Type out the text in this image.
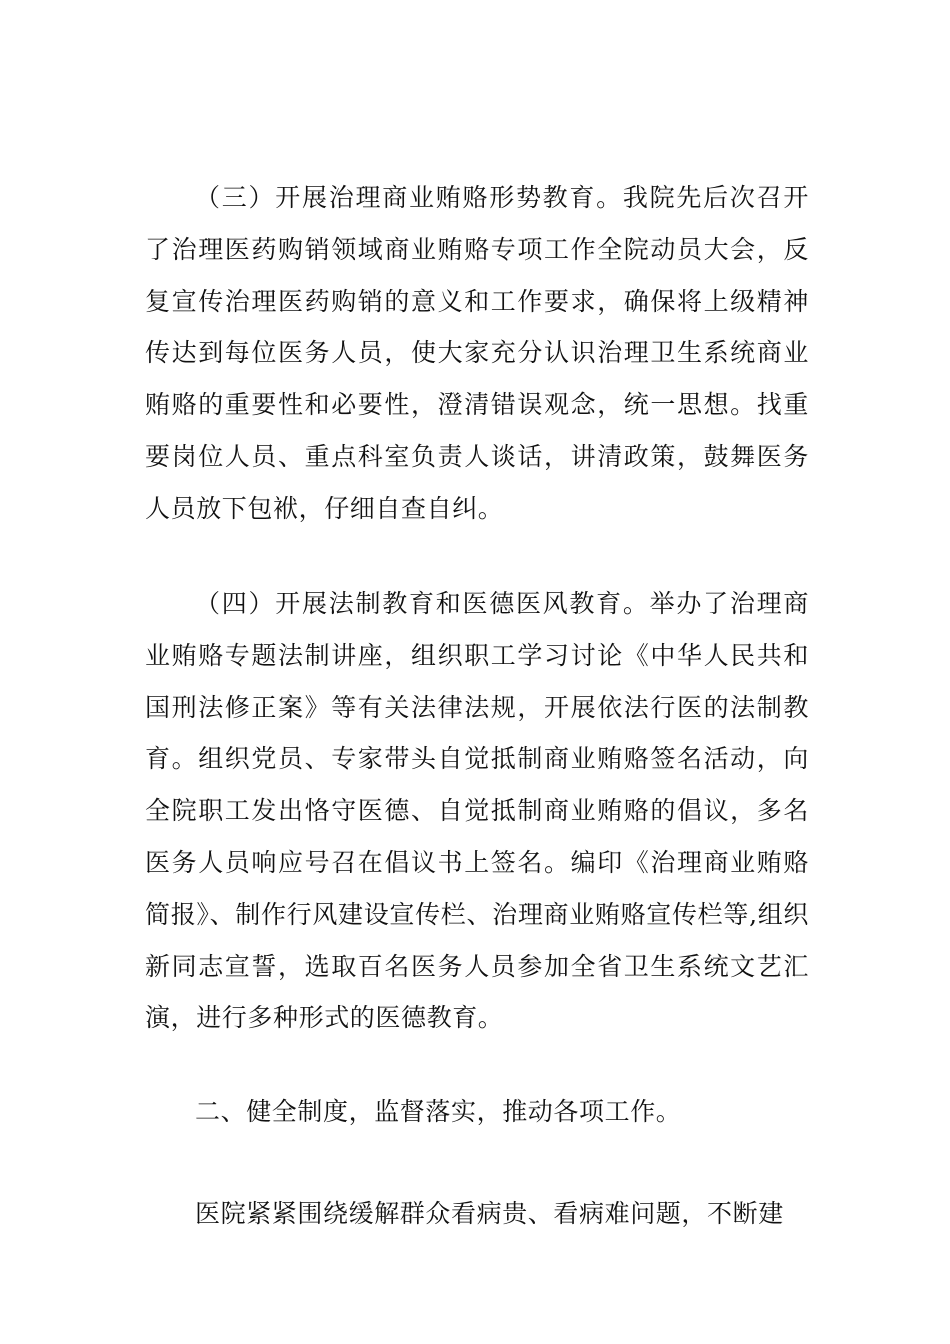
（三）开展治理商业贿赂形势教育。我院先后次召开了治理医药购销领域商业贿赂专项工作全院动员大会，反复宣传治理医药购销的意义和工作要求，确保将上级精神传达到每位医务人员，使大家充分认识治理卫生系统商业贿赂的重要性和必要性，澄清错误观念，统一思想。找重要岗位人员、重点科室负责人谈话，讲清政策，鼓舞医务人员放下包袱，仔细自查自纠。

（四）开展法制教育和医德医风教育。举办了治理商业贿赂专题法制讲座，组织职工学习讨论《中华人民共和国刑法修正案》等有关法律法规，开展依法行医的法制教育。组织党员、专家带头自觉抵制商业贿赂签名活动，向全院职工发出恪守医德、自觉抵制商业贿赂的倡议，多名医务人员响应号召在倡议书上签名。编印《治理商业贿赂简报》、制作行风建设宣传栏、治理商业贿赂宣传栏等,组织新同志宣誓，选取百名医务人员参加全省卫生系统文艺汇演，进行多种形式的医德教育。

二、健全制度，监督落实，推动各项工作。

医院紧紧围绕缓解群众看病贵、看病难问题，不断建
